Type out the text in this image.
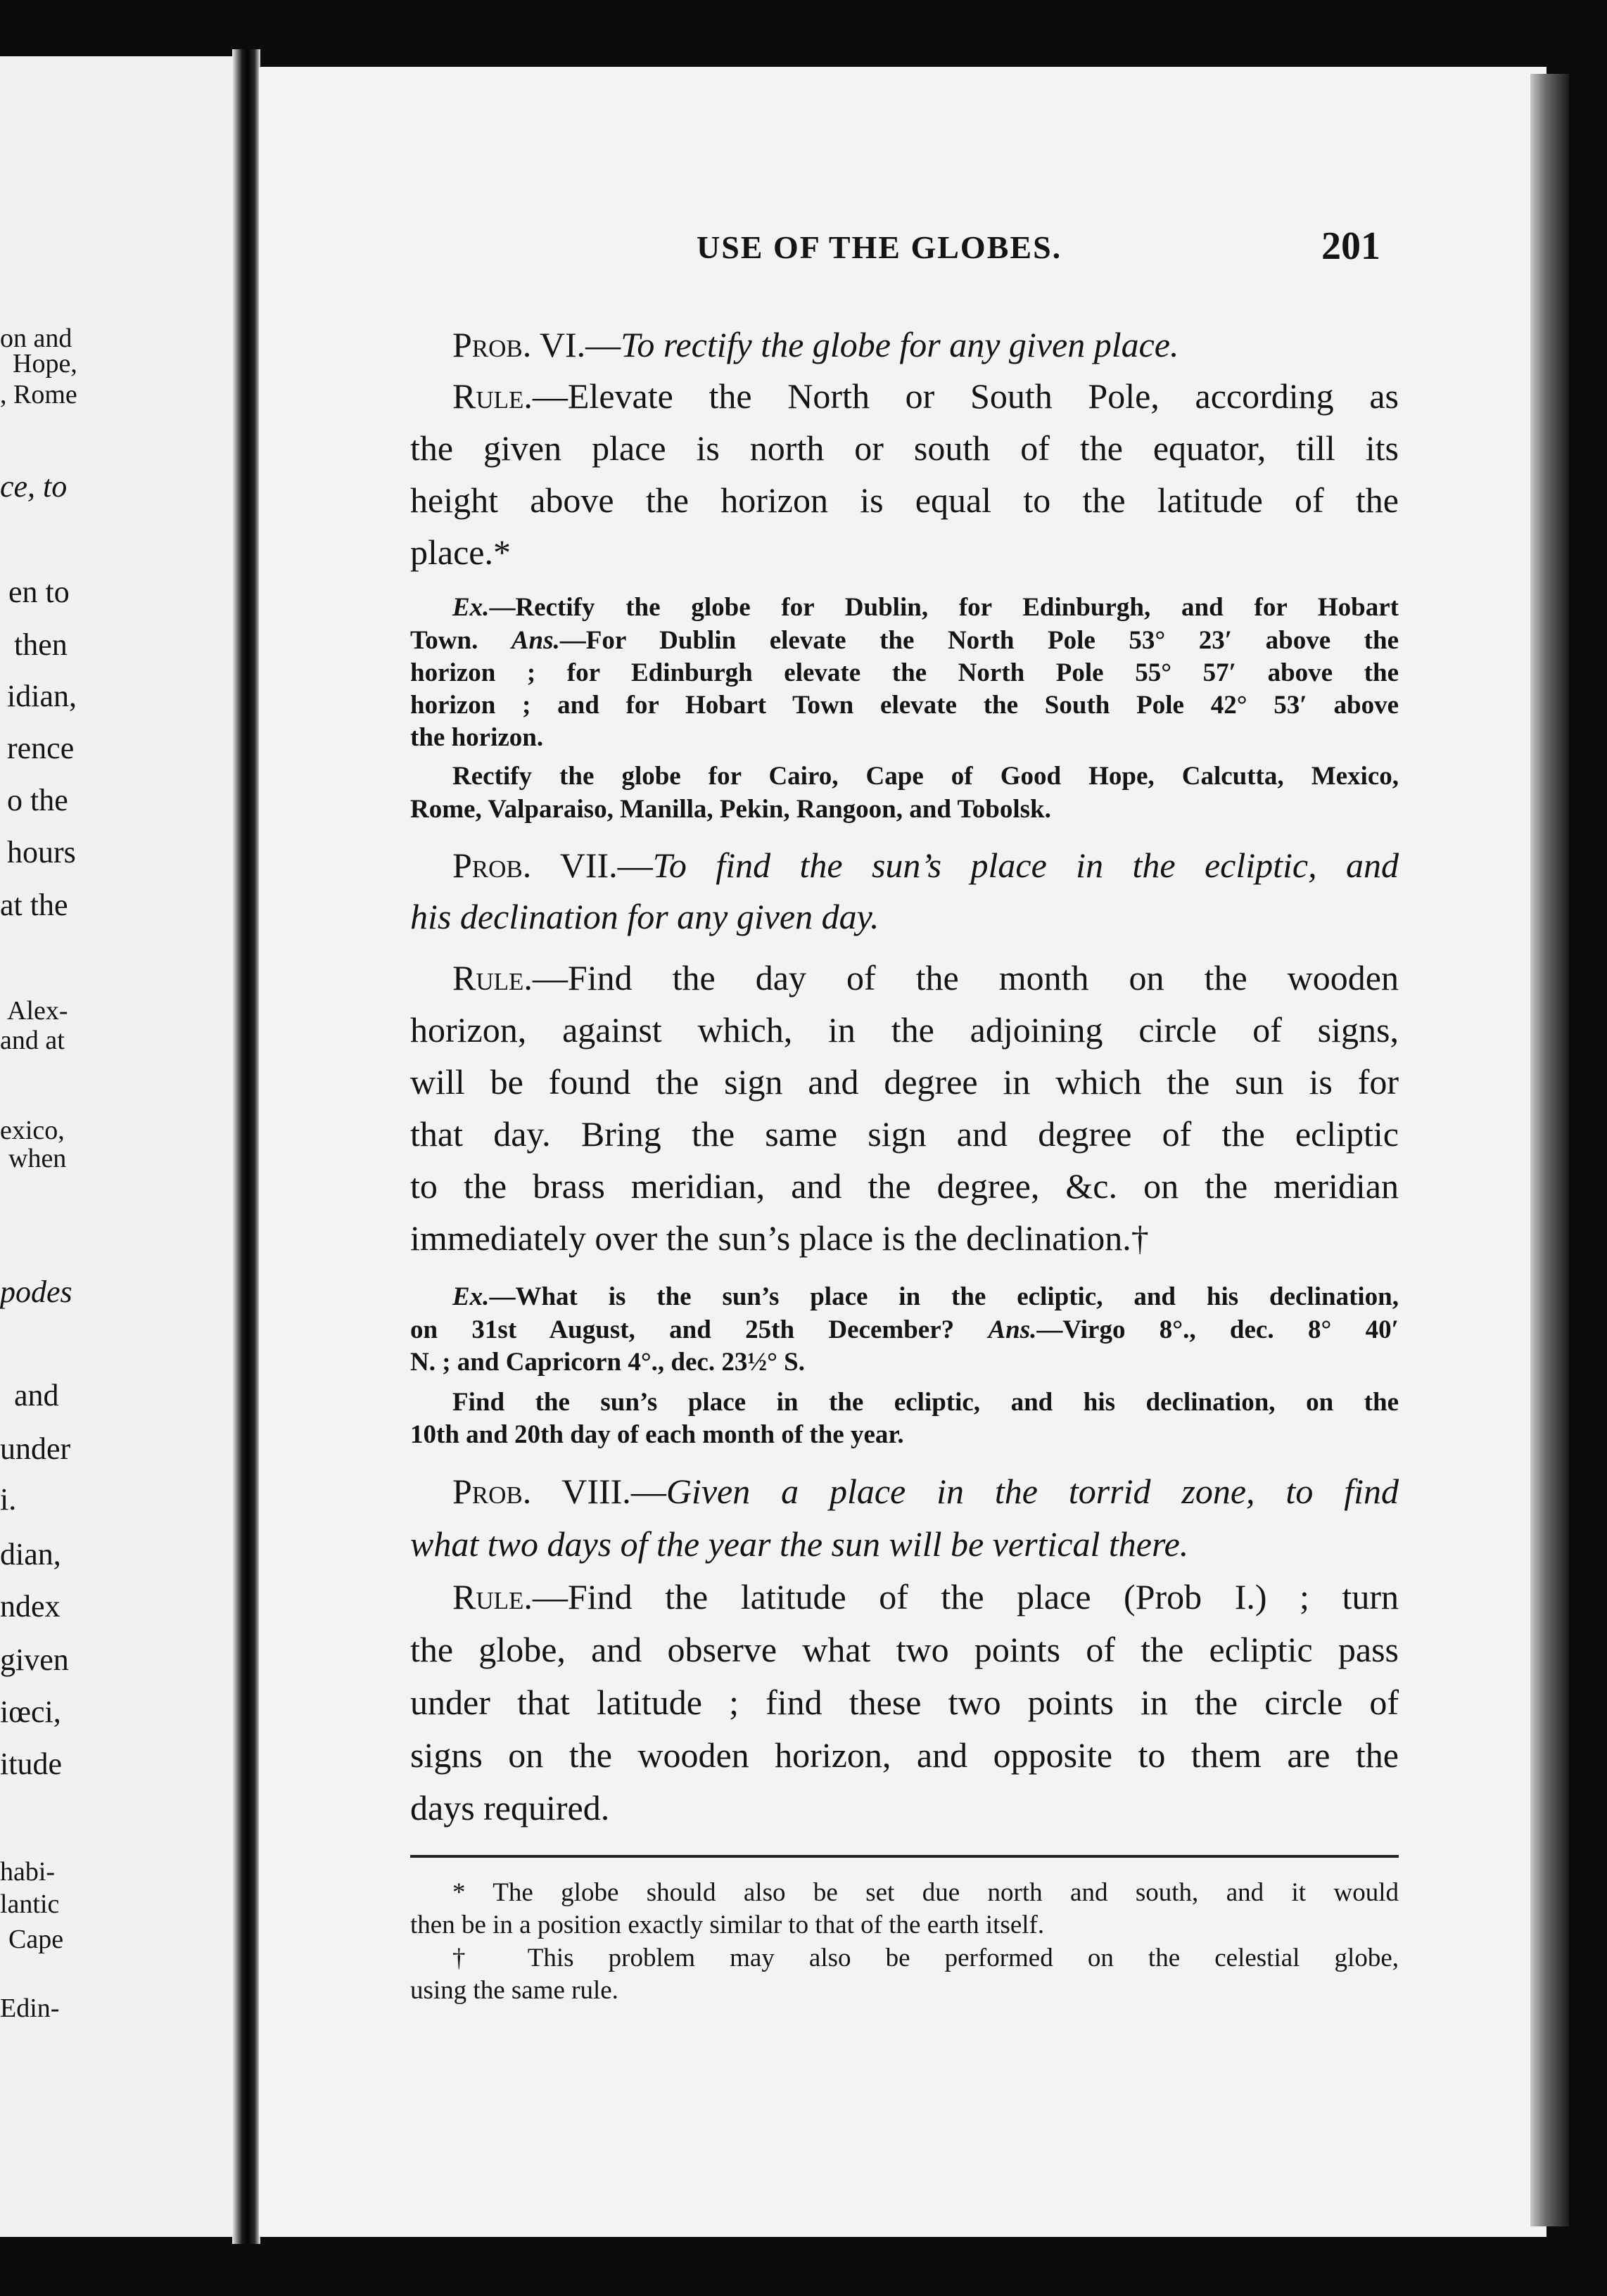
on and
Hope,
, Rome
ce, to
en to
then
idian,
rence
o the
hours
at the
Alex-
and at
exico,
when
podes
and
under
i.
dian,
ndex
given
iœci,
itude
habi-
lantic
Cape
Edin-
USE OF THE GLOBES.	201
Prob. VI.—To rectify the globe for any given place.
Rule.—Elevate the North or South Pole, according as
the given place is north or south of the equator, till its
height above the horizon is equal to the latitude of the
place.*
Ex.—Rectify the globe for Dublin, for Edinburgh, and for Hobart
Town. Ans.—For Dublin elevate the North Pole 53° 23′ above the
horizon ; for Edinburgh elevate the North Pole 55° 57′ above the
horizon ; and for Hobart Town elevate the South Pole 42° 53′ above
the horizon.
Rectify the globe for Cairo, Cape of Good Hope, Calcutta, Mexico,
Rome, Valparaiso, Manilla, Pekin, Rangoon, and Tobolsk.
Prob. VII.—To find the sun’s place in the ecliptic, and
his declination for any given day.
Rule.—Find the day of the month on the wooden
horizon, against which, in the adjoining circle of signs,
will be found the sign and degree in which the sun is for
that day. Bring the same sign and degree of the ecliptic
to the brass meridian, and the degree, &c. on the meridian
immediately over the sun’s place is the declination.†
Ex.—What is the sun’s place in the ecliptic, and his declination,
on 31st August, and 25th December? Ans.—Virgo 8°., dec. 8° 40′
N. ; and Capricorn 4°., dec. 23½° S.
Find the sun’s place in the ecliptic, and his declination, on the
10th and 20th day of each month of the year.
Prob. VIII.—Given a place in the torrid zone, to find
what two days of the year the sun will be vertical there.
Rule.—Find the latitude of the place (Prob I.) ; turn
the globe, and observe what two points of the ecliptic pass
under that latitude ; find these two points in the circle of
signs on the wooden horizon, and opposite to them are the
days required.
* The globe should also be set due north and south, and it would
then be in a position exactly similar to that of the earth itself.
† This problem may also be performed on the celestial globe,
using the same rule.
